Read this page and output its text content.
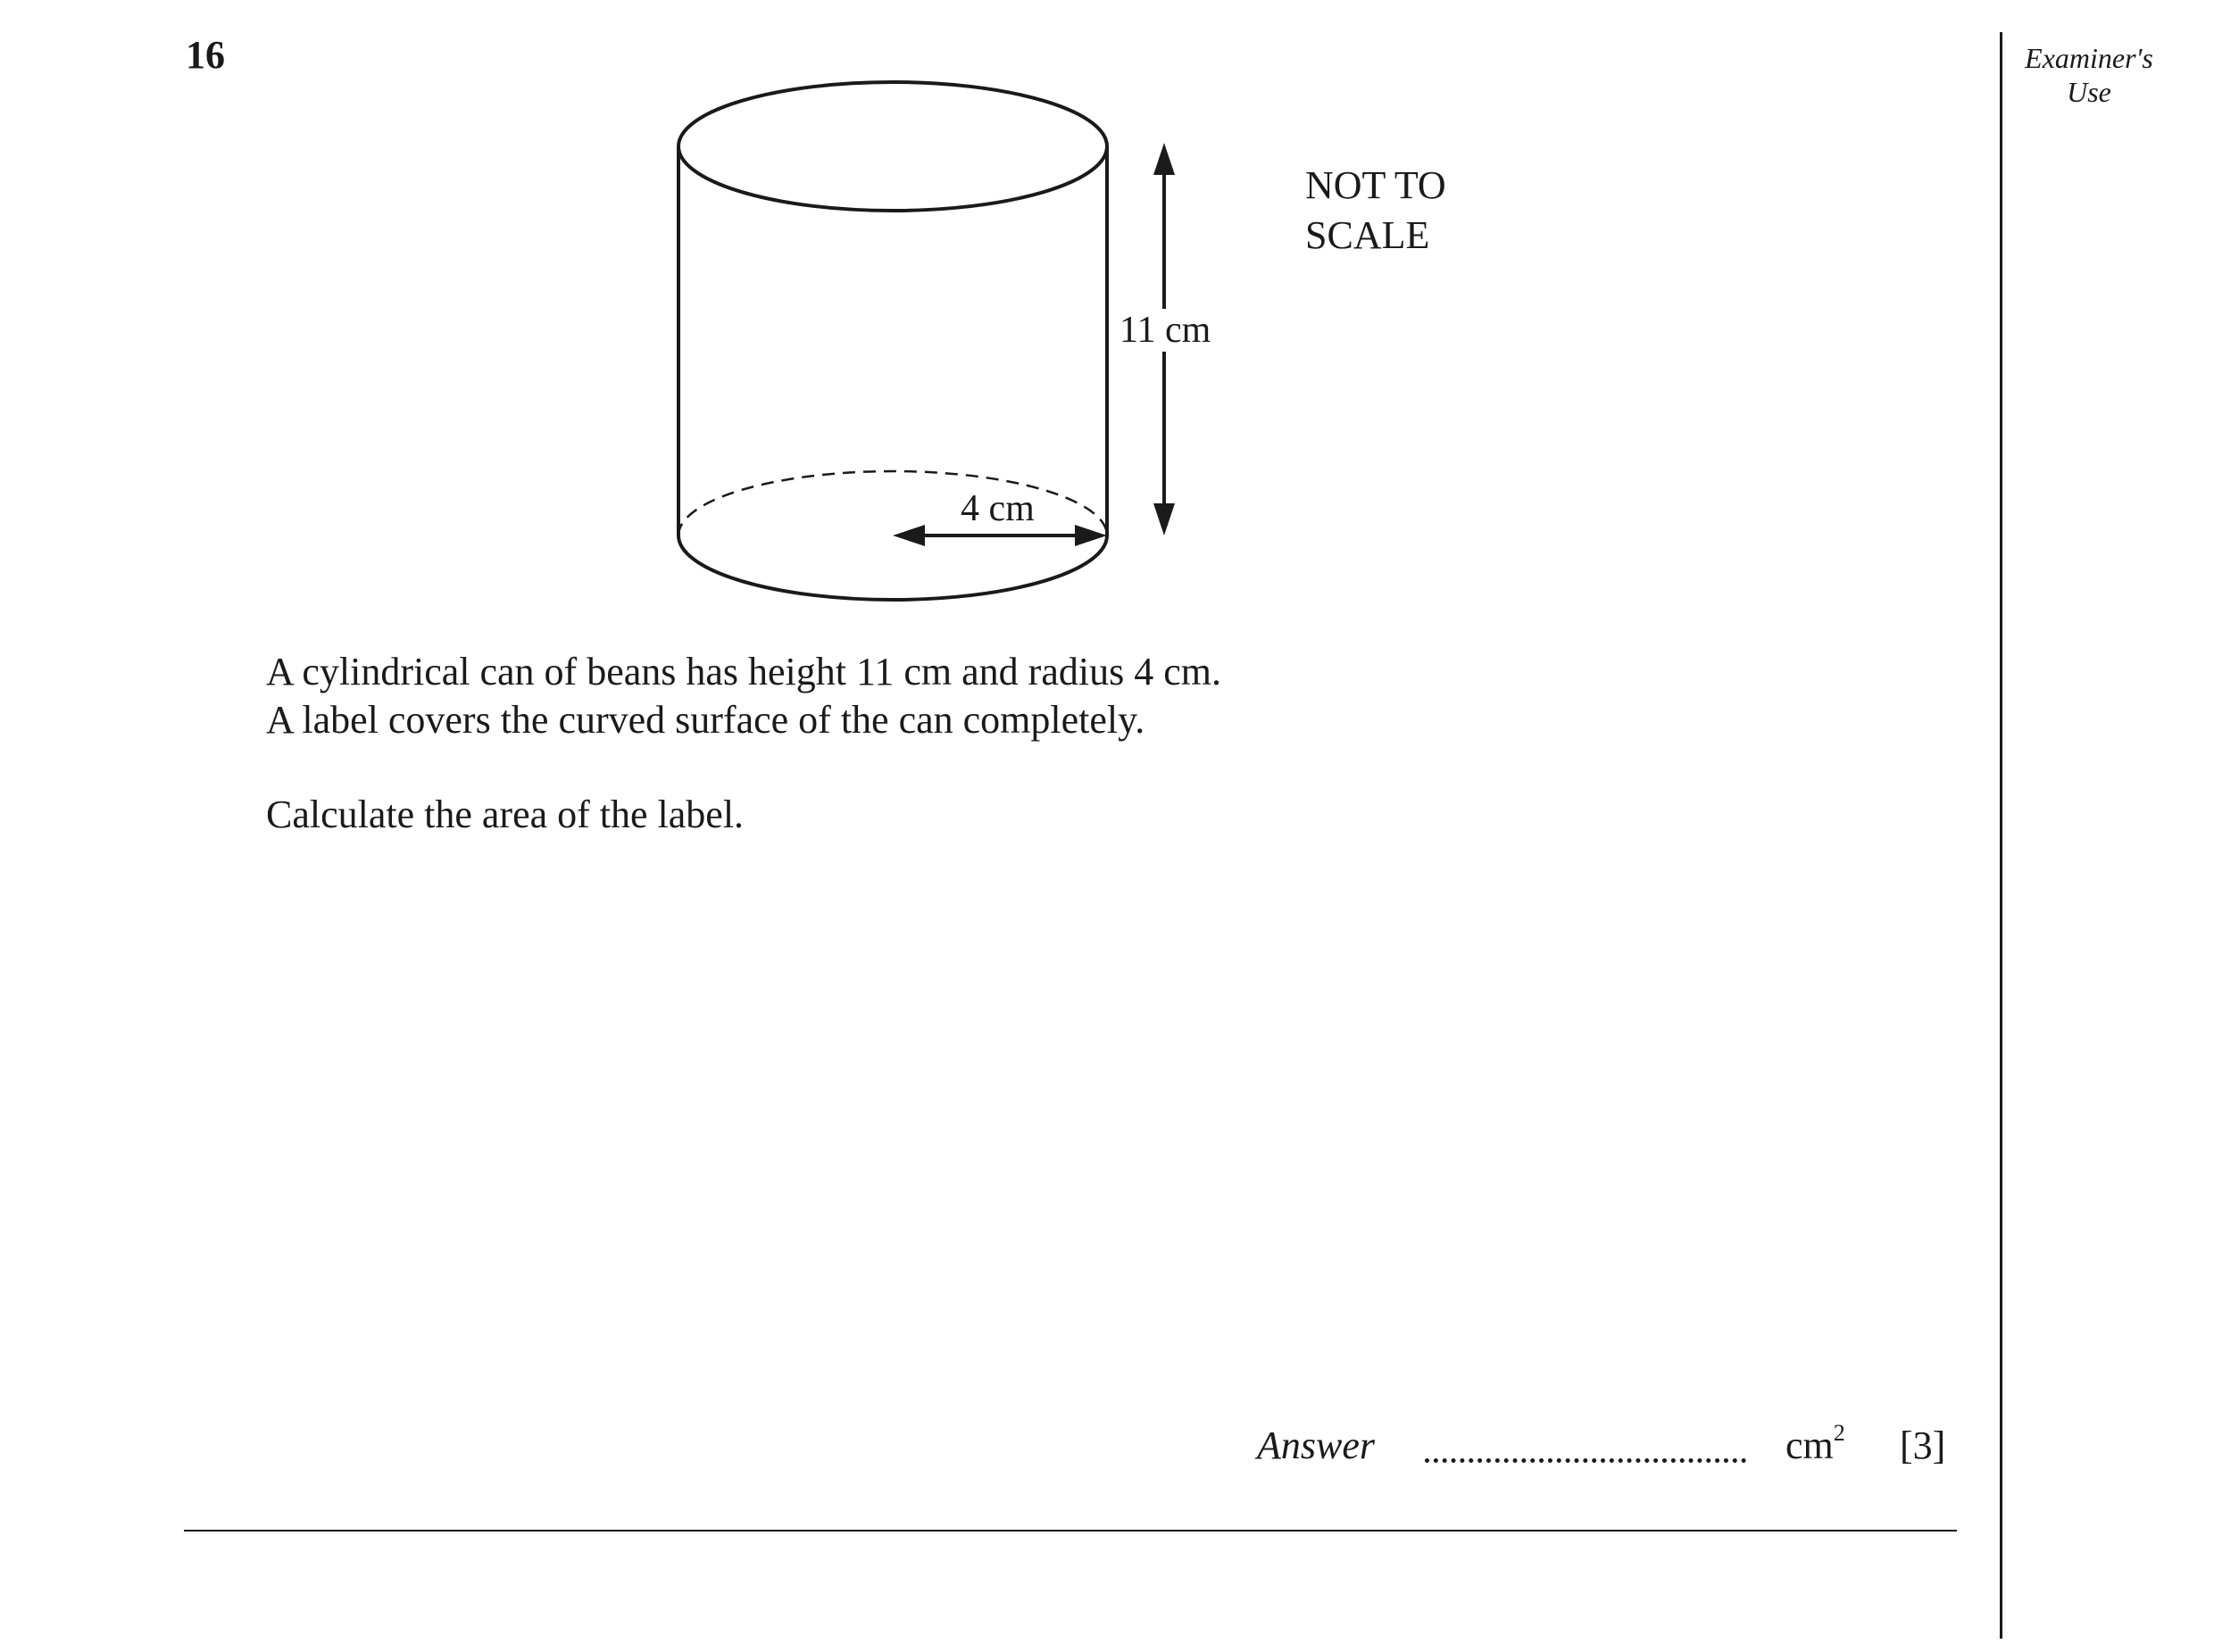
16	Examiner's Use
11 cm
4 cm
NOT TO SCALE

A cylindrical can of beans has height 11 cm and radius 4 cm.

A label covers the curved surface of the can completely.

Calculate the area of the label.

Answer	$cm^2$ [3]
